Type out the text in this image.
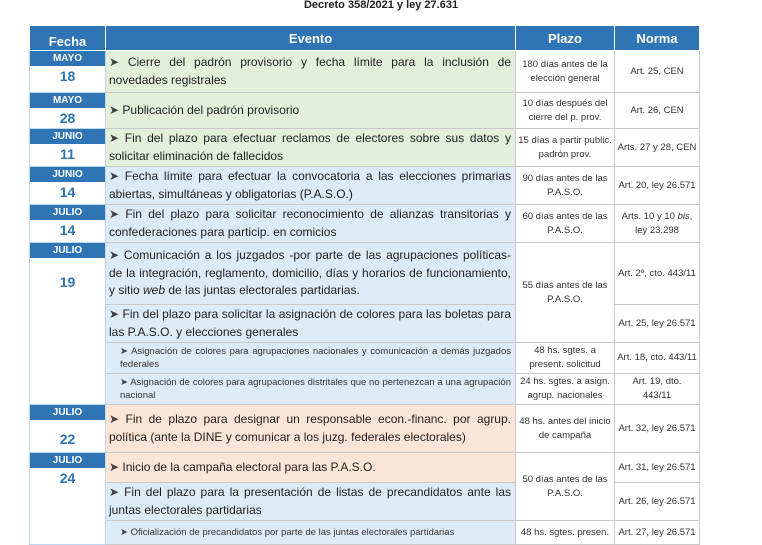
Decreto 358/2021 y ley 27.631
Fecha	Evento	Plazo	Norma

MAYO
18	➤ Cierre del padrón provisorio y fecha límite para la inclusión de novedades registrales	180 días antes de la elección general	Art. 25, CEN

MAYO
28	➤ Publicación del padrón provisorio	10 días después del cierre del p. prov.	Art. 26, CEN

JUNIO
11	➤ Fin del plazo para efectuar reclamos de electores sobre sus datos y solicitar eliminación de fallecidos	15 días a partir public. padrón prov.	Arts. 27 y 28, CEN

JUNIO
14	➤ Fecha límite para efectuar la convocatoria a las elecciones primarias abiertas, simultáneas y obligatorias (P.A.S.O.)	90 días antes de las P.A.S.O.	Art. 20, ley 26.571

JULIO
14	➤ Fin del plazo para solicitar reconocimiento de alianzas transitorias y confederaciones para particip. en comicios	60 días antes de las P.A.S.O.	Arts. 10 y 10 bis, ley 23.298

JULIO
19	➤ Comunicación a los juzgados -por parte de las agrupaciones políticas- de la integración, reglamento, domicilio, días y horarios de funcionamiento, y sitio web de las juntas electorales partidarias.	55 días antes de las P.A.S.O.	Art. 2º, cto. 443/11
	➤ Fin del plazo para solicitar la asignación de colores para las boletas para las P.A.S.O. y elecciones generales		Art. 25, ley 26.571
	➤ Asignación de colores para agrupaciones nacionales y comunicación a demás juzgados federales	48 hs. sgtes. a present. solicitud	Art. 18, cto. 443/11
	➤ Asignación de colores para agrupaciones distritales que no pertenezcan a una agrupación nacional	24 hs. sgtes. a asign. agrup. nacionales	Art. 19, dto. 443/11

JULIO
22	➤ Fin de plazo para designar un responsable econ.-financ. por agrup. política (ante la DINE y comunicar a los juzg. federales electorales)	48 hs. antes del inicio de campaña	Art. 32, ley 26.571

JULIO
24	➤ Inicio de la campaña electoral para las P.A.S.O.	50 días antes de las P.A.S.O.	Art. 31, ley 26.571
	➤ Fin del plazo para la presentación de listas de precandidatos ante las juntas electorales partidarias		Art. 26, ley 26.571
	➤ Oficialización de precandidatos por parte de las juntas electorales partidarias	48 hs. sgtes. presen.	Art. 27, ley 26.571
